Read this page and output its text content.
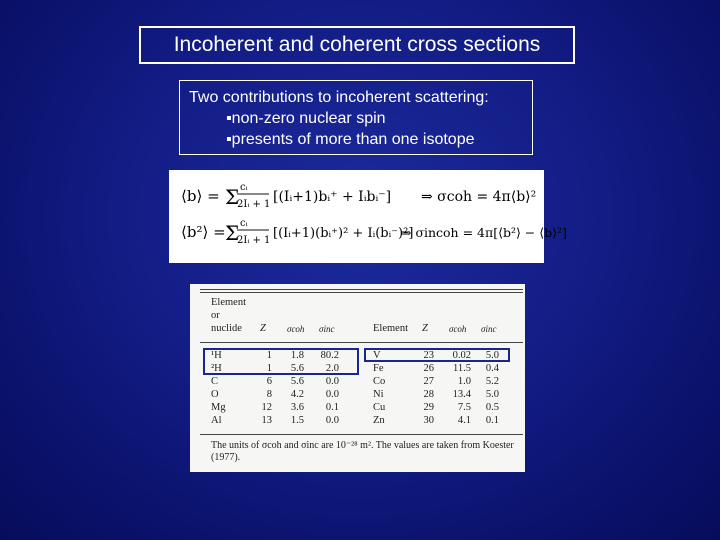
Incoherent and coherent cross sections
Two contributions to incoherent scattering:
▪non-zero nuclear spin
▪presents of more than one isotope
⟨b⟩ = Σ cᵢ
2Iᵢ + 1 [(Iᵢ+1)bᵢ⁺ + Iᵢbᵢ⁻] ⇒ σcoh = 4π⟨b⟩²
⟨b²⟩ = Σ cᵢ
2Iᵢ + 1 [(Iᵢ+1)(bᵢ⁺)² + Iᵢ(bᵢ⁻)²]
⇒ σincoh = 4π[⟨b²⟩ − ⟨b⟩²]
Element
or
nuclide Z σcoh σinc	Element Z σcoh σinc
¹H	1 1.8 80.2
²H	1 5.6 2.0
C	6 5.6 0.0
O	8 4.2 0.0
Mg	12 3.6 0.1
Al	13 1.5 0.0
V	23 0.02 5.0
Fe	26 11.5 0.4
Co	27 1.0 5.2
Ni	28 13.4 5.0
Cu	29 7.5 0.5
Zn	30 4.1 0.1
The units of σcoh and σinc are 10⁻²⁸ m². The values are taken from Koester (1977).
